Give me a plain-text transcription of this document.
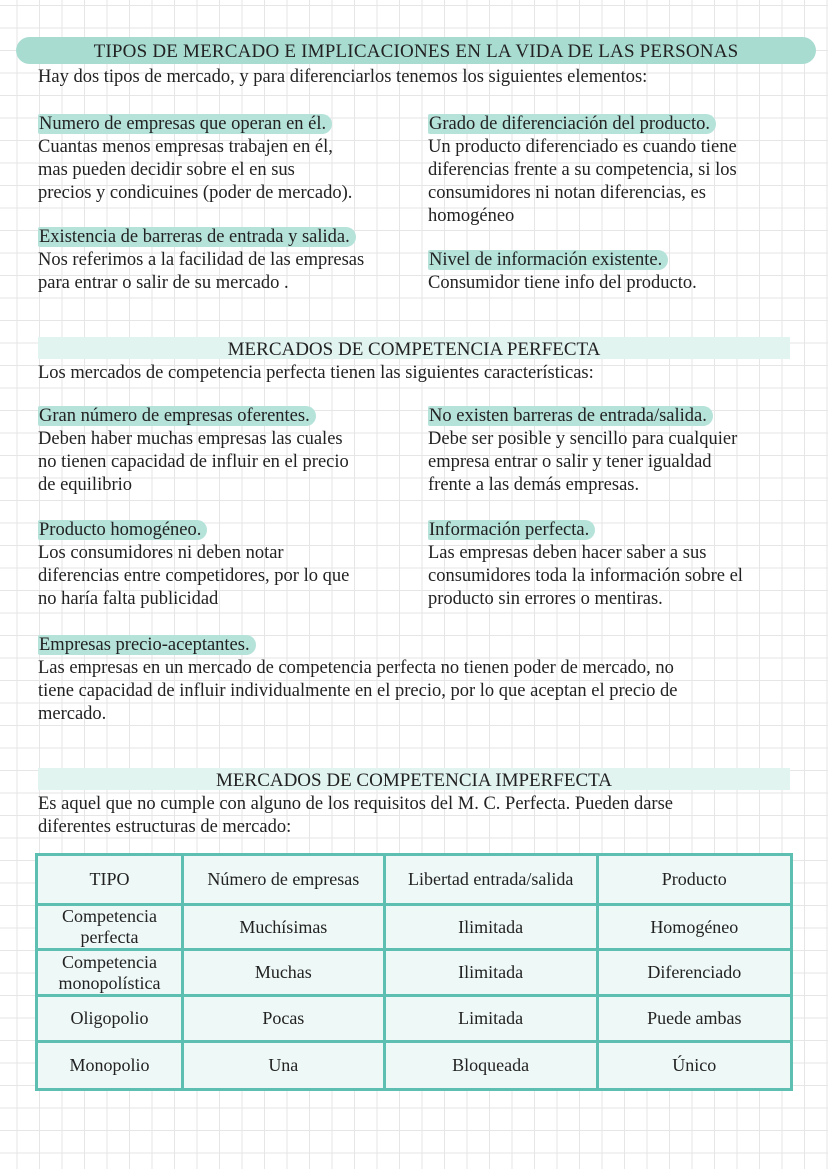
TIPOS DE MERCADO E IMPLICACIONES EN LA VIDA DE LAS PERSONAS
Hay dos tipos de mercado, y para diferenciarlos tenemos los siguientes elementos:
MERCADOS DE COMPETENCIA PERFECTA
Los mercados de competencia perfecta tienen las siguientes características:
MERCADOS DE COMPETENCIA IMPERFECTA
Es aquel que no cumple con alguno de los requisitos del M. C. Perfecta. Pueden darse
diferentes estructuras de mercado:
TIPO	Número de empresas	Libertad entrada/salida	Producto
Competencia perfecta	Muchísimas	Ilimitada	Homogéneo
Competencia monopolística	Muchas	Ilimitada	Diferenciado
Oligopolio	Pocas	Limitada	Puede ambas
Monopolio	Una	Bloqueada	Único
Numero de empresas que operan en él.
Cuantas menos empresas trabajen en él,
mas pueden decidir sobre el en sus
precios y condicuines (poder de mercado).
Grado de diferenciación del producto.
Un producto diferenciado es cuando tiene
diferencias frente a su competencia, si los
consumidores ni notan diferencias, es
homogéneo
Existencia de barreras de entrada y salida.
Nos referimos a la facilidad de las empresas
para entrar o salir de su mercado .
Nivel de información existente.
Consumidor tiene info del producto.
Gran número de empresas oferentes.
Deben haber muchas empresas las cuales
no tienen capacidad de influir en el precio
de equilibrio
No existen barreras de entrada/salida.
Debe ser posible y sencillo para cualquier
empresa entrar o salir y tener igualdad
frente a las demás empresas.
Producto homogéneo.
Los consumidores ni deben notar
diferencias entre competidores, por lo que
no haría falta publicidad
Información perfecta.
Las empresas deben hacer saber a sus
consumidores toda la información sobre el
producto sin errores o mentiras.
Empresas precio-aceptantes.
Las empresas en un mercado de competencia perfecta no tienen poder de mercado, no
tiene capacidad de influir individualmente en el precio, por lo que aceptan el precio de
mercado.
